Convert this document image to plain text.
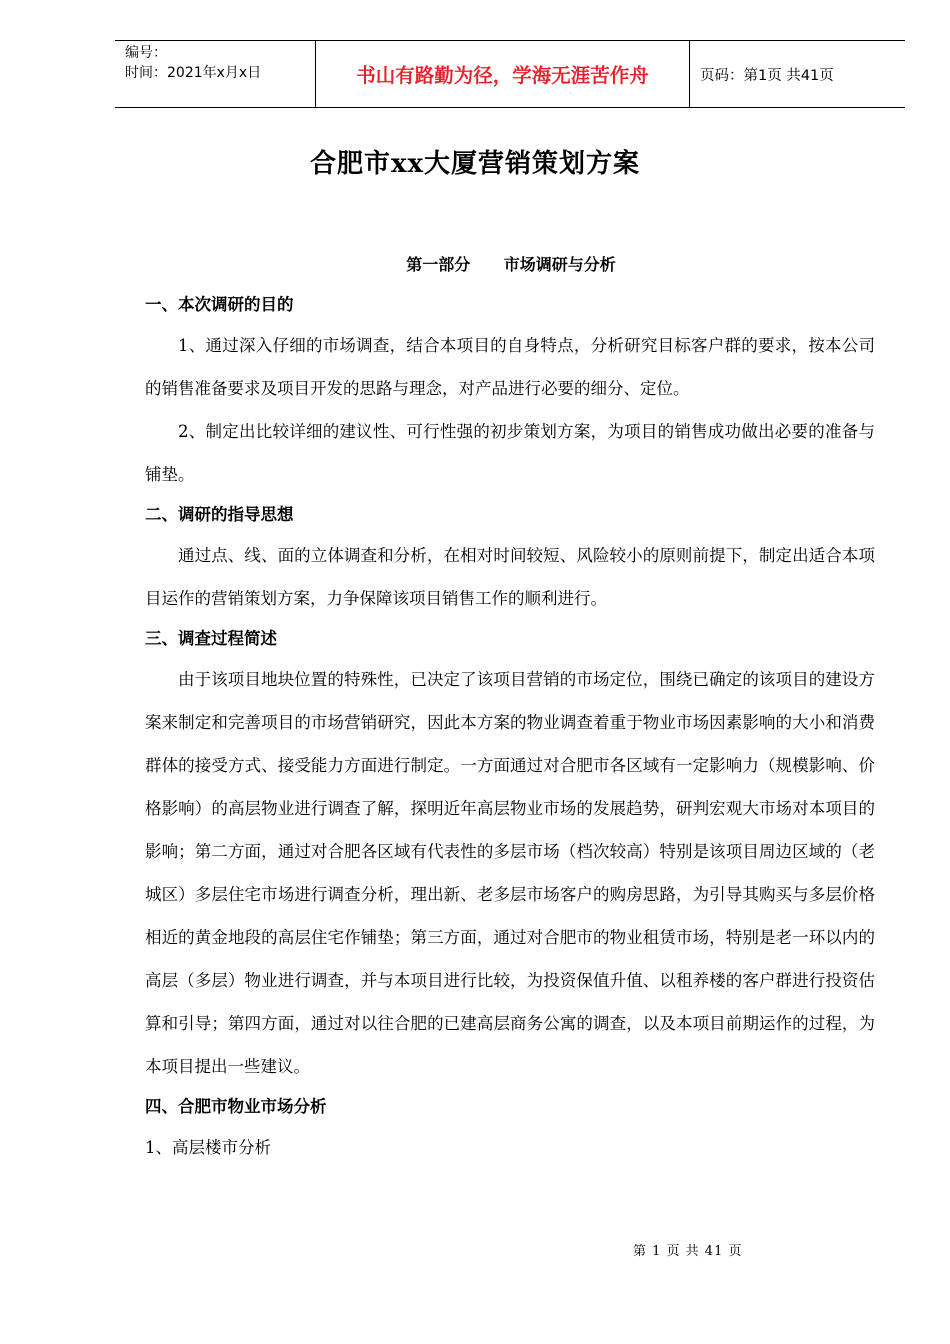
编号：
时间：2021年x月x日	书山有路勤为径，学海无涯苦作舟	页码：第1页 共41页
合肥市xx大厦营销策划方案
第一部分      市场调研与分析
一、本次调研的目的
1、通过深入仔细的市场调查，结合本项目的自身特点，分析研究目标客户群的要求，按本公司的销售准备要求及项目开发的思路与理念，对产品进行必要的细分、定位。
2、制定出比较详细的建议性、可行性强的初步策划方案，为项目的销售成功做出必要的准备与铺垫。
二、调研的指导思想
通过点、线、面的立体调查和分析，在相对时间较短、风险较小的原则前提下，制定出适合本项目运作的营销策划方案，力争保障该项目销售工作的顺利进行。
三、调查过程简述
由于该项目地块位置的特殊性，已决定了该项目营销的市场定位，围绕已确定的该项目的建设方案来制定和完善项目的市场营销研究，因此本方案的物业调查着重于物业市场因素影响的大小和消费群体的接受方式、接受能力方面进行制定。一方面通过对合肥市各区域有一定影响力（规模影响、价格影响）的高层物业进行调查了解，探明近年高层物业市场的发展趋势，研判宏观大市场对本项目的影响；第二方面，通过对合肥各区域有代表性的多层市场（档次较高）特别是该项目周边区域的（老城区）多层住宅市场进行调查分析，理出新、老多层市场客户的购房思路，为引导其购买与多层价格相近的黄金地段的高层住宅作铺垫；第三方面，通过对合肥市的物业租赁市场，特别是老一环以内的高层（多层）物业进行调查，并与本项目进行比较，为投资保值升值、以租养楼的客户群进行投资估算和引导；第四方面，通过对以往合肥的已建高层商务公寓的调查，以及本项目前期运作的过程，为本项目提出一些建议。
四、合肥市物业市场分析
1、高层楼市分析
第 1 页 共 41 页
